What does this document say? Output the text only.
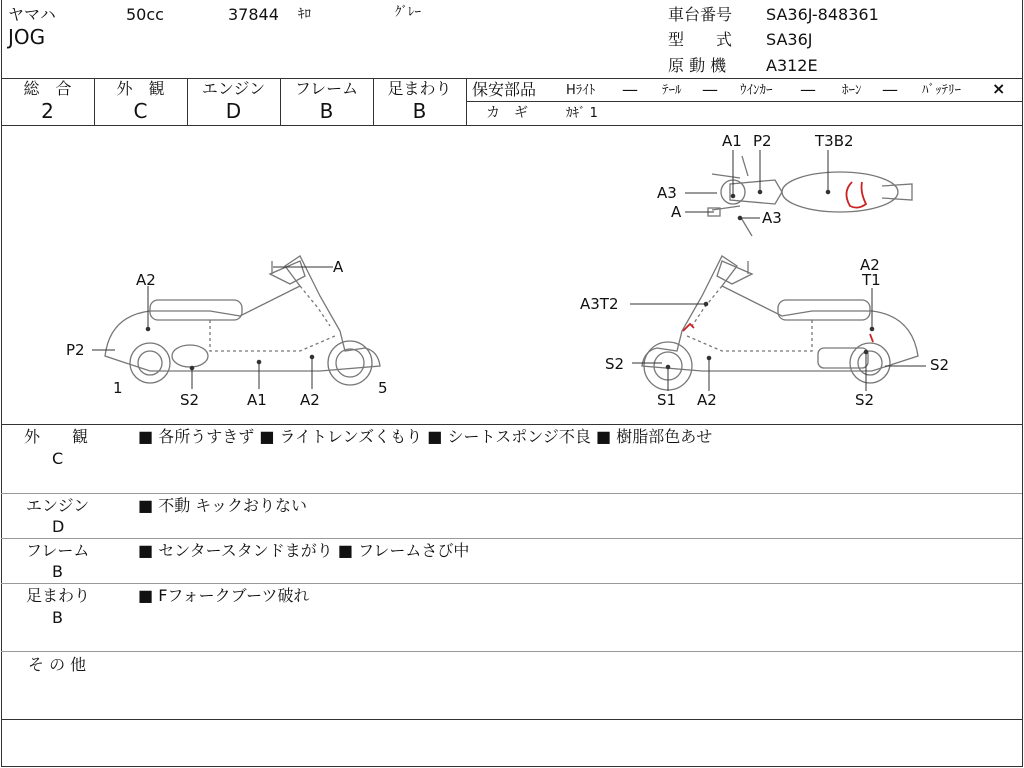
ヤマハ	50cc	37844 ｷﾛ	ｸﾞﾚｰ
JOG
車台番号 SA36J-848361
型　　式 SA36J
原 動 機 A312E
総　合
2
外　観
C
エンジン
D
フレーム
B
足まわり
B
保安部品 Hﾗｲﾄ — ﾃｰﾙ — ｳｲﾝｶｰ — ﾎｰﾝ — ﾊﾞｯﾃﾘｰ ×
カ　ギ	ｶｷﾞ 1
A
A2
P2
1
S2	A1 A2
5
A3T2
A2
T1
S2
S1 A2
S2
S2
A1 P2	T3B2
A3
A	A3
外　　観
C
■ 各所うすきず ■ ライトレンズくもり ■ シートスポンジ不良 ■ 樹脂部色あせ
エンジン
D
■ 不動 キックおりない
フレーム
B
■ センタースタンドまがり ■ フレームさび中
足まわり
B
■ Fフォークブーツ破れ
そ の 他
